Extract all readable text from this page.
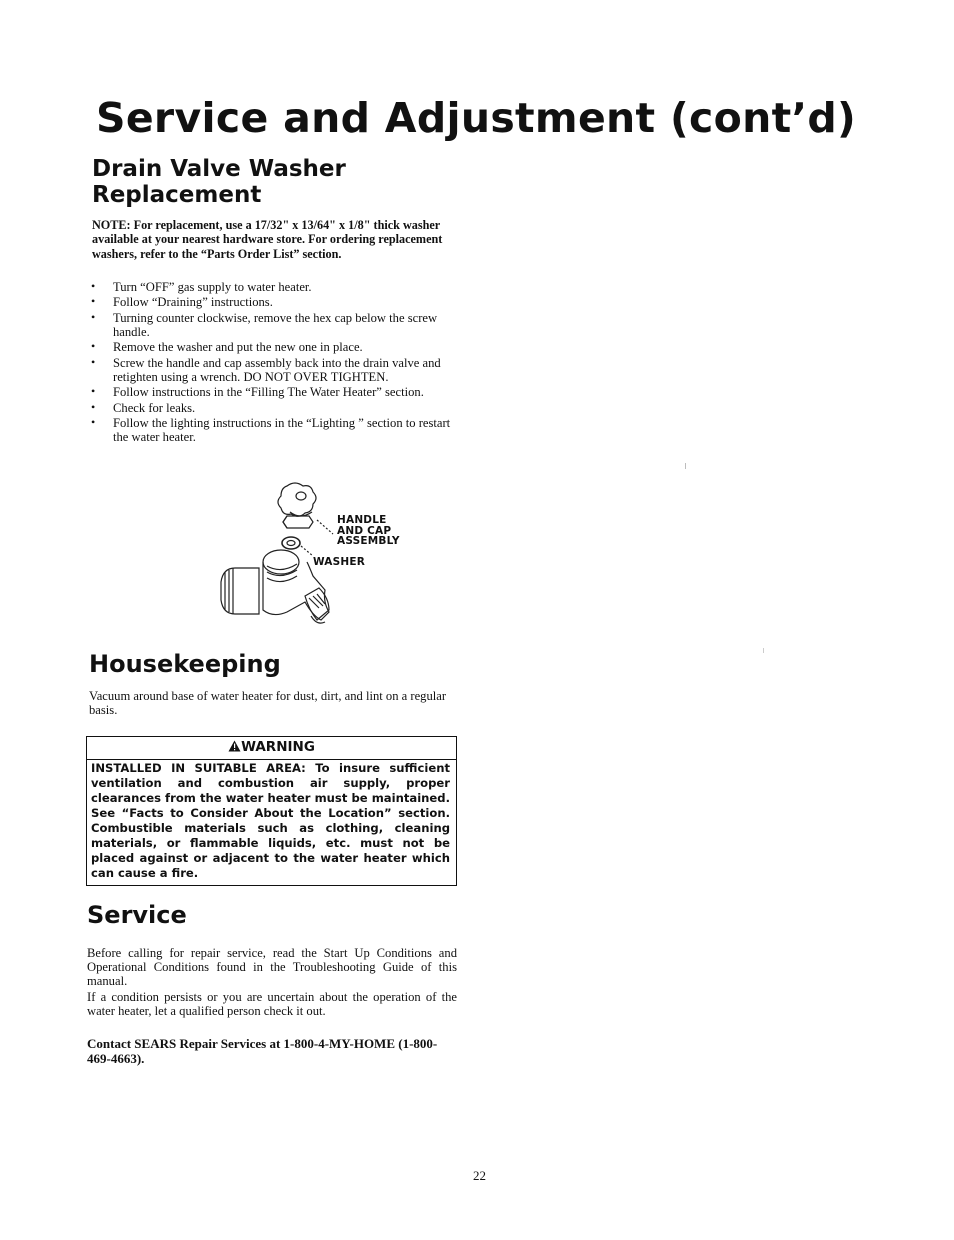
Service and Adjustment (cont’d)
Drain Valve Washer
Replacement
NOTE: For replacement, use a 17/32" x 13/64" x 1/8" thick washer available at your nearest hardware store. For ordering replacement washers, refer to the “Parts Order List” section.
• Turn “OFF” gas supply to water heater.
• Follow “Draining” instructions.
• Turning counter clockwise, remove the hex cap below the screw handle.
• Remove the washer and put the new one in place.
• Screw the handle and cap assembly back into the drain valve and retighten using a wrench. DO NOT OVER TIGHTEN.
• Follow instructions in the “Filling The Water Heater” section.
• Check for leaks.
• Follow the lighting instructions in the “Lighting ” section to restart the water heater.
HANDLE
AND CAP
ASSEMBLY
WASHER
Housekeeping
Vacuum around base of water heater for dust, dirt, and lint on a regular basis.
WARNING
INSTALLED IN SUITABLE AREA: To insure sufficient ventilation and combustion air supply, proper clearances from the water heater must be maintained. See “Facts to Consider About the Location” section. Combustible materials such as clothing, cleaning materials, or flammable liquids, etc. must not be placed against or adjacent to the water heater which can cause a fire.
Service

Before calling for repair service, read the Start Up Conditions and Operational Conditions found in the Troubleshooting Guide of this manual.

If a condition persists or you are uncertain about the operation of the water heater, let a qualified person check it out.

Contact SEARS Repair Services at 1-800-4-MY-HOME (1-800-469-4663).
22
